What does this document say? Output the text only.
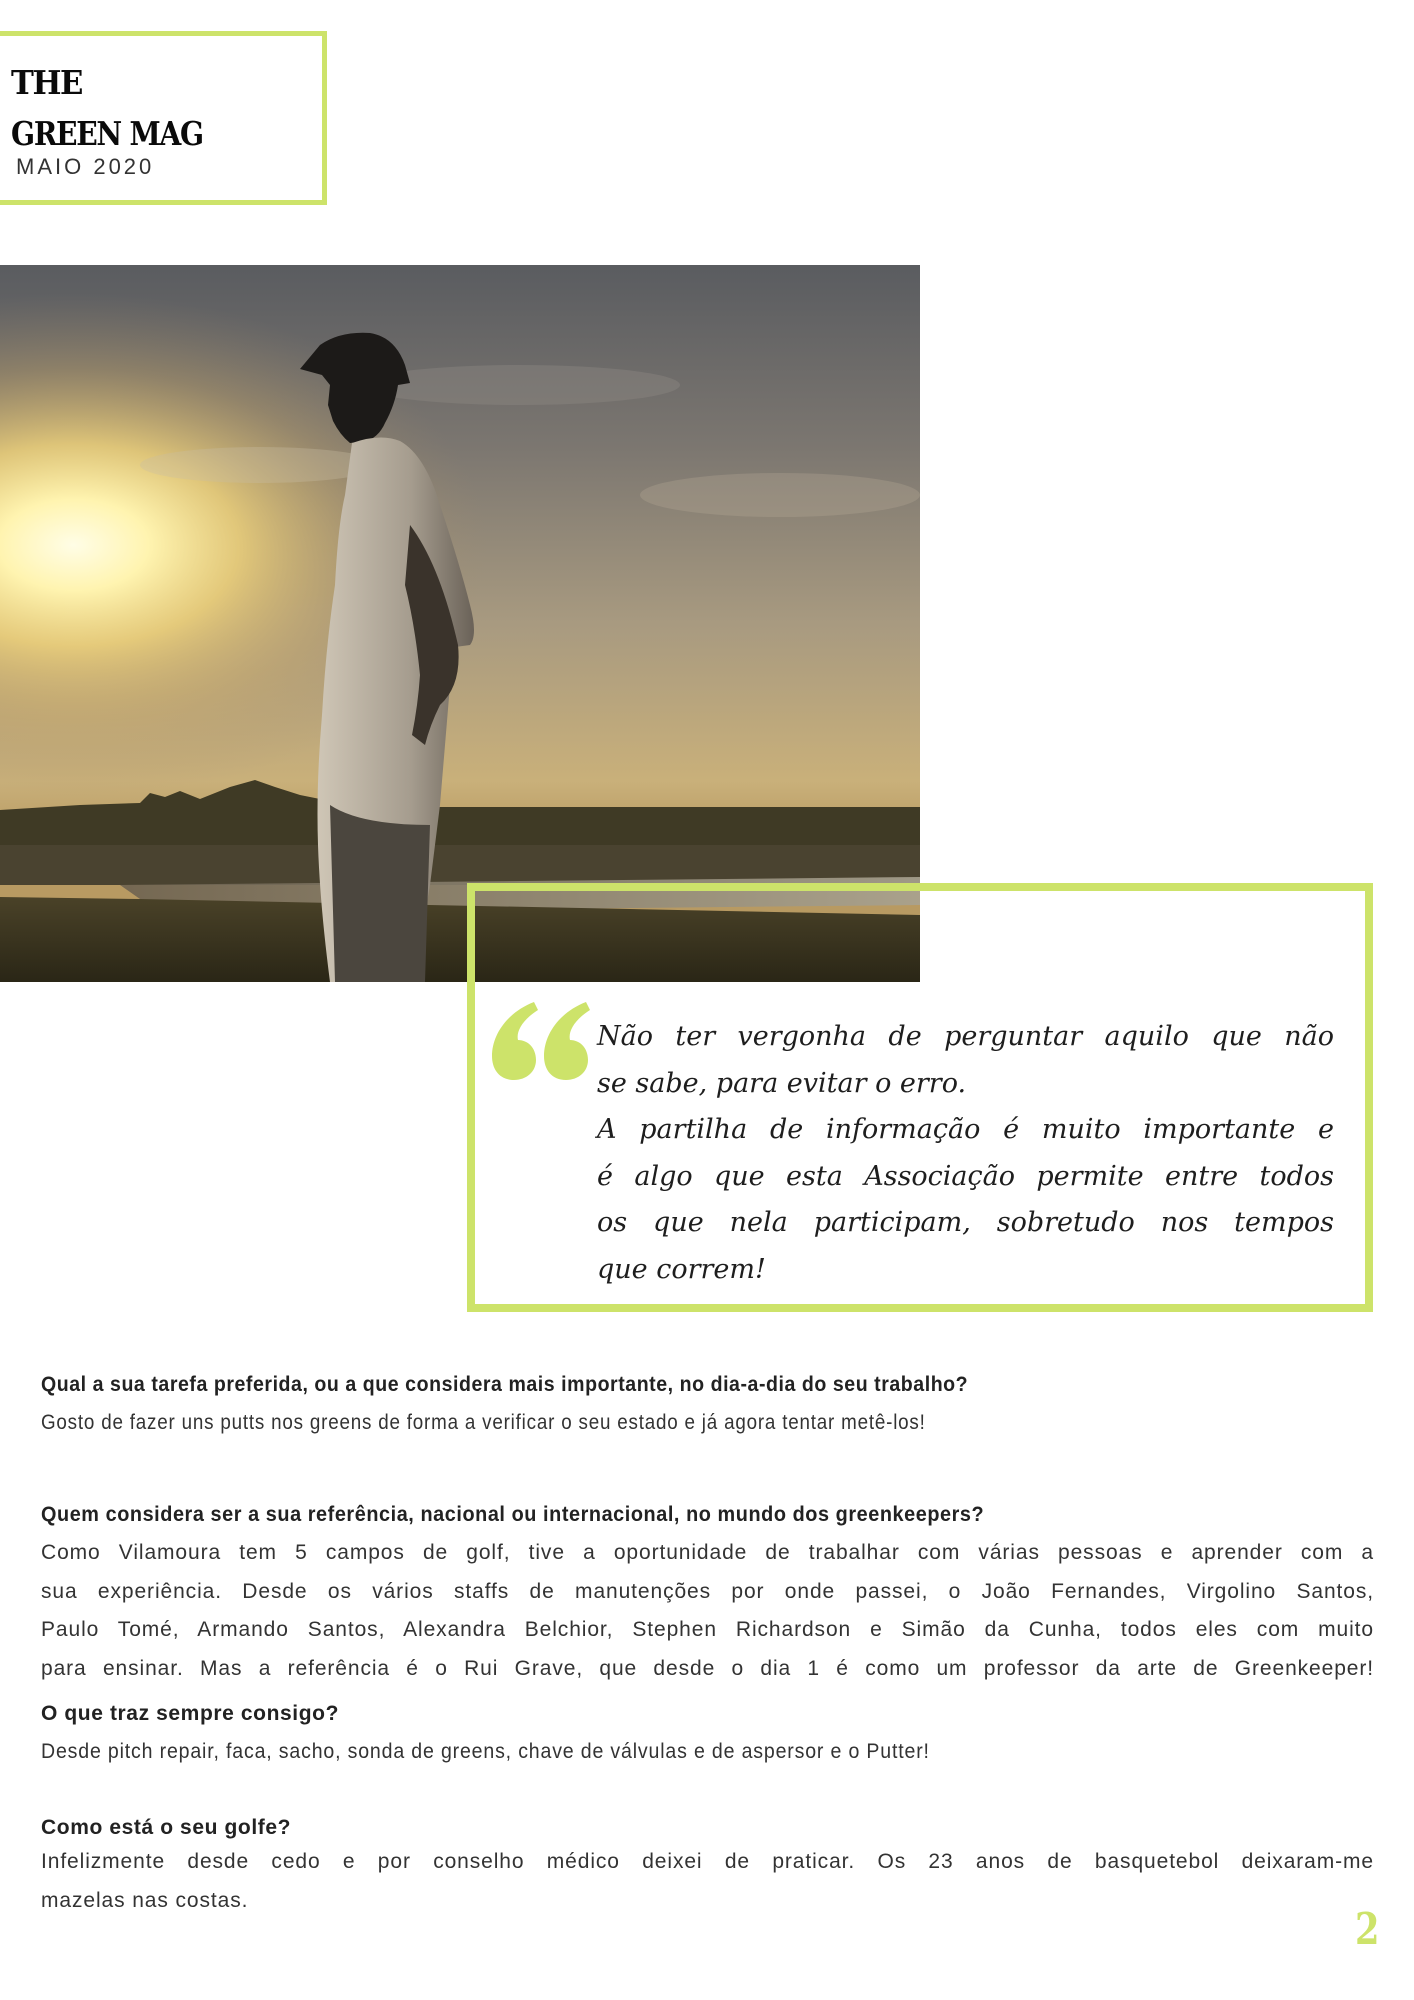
THE
GREEN MAG
MAIO 2020
Não ter vergonha de perguntar aquilo que não
se sabe, para evitar o erro.
A partilha de informação é muito importante e
é algo que esta Associação permite entre todos
os que nela participam, sobretudo nos tempos
que correm!
Qual a sua tarefa preferida, ou a que considera mais importante, no dia-a-dia do seu trabalho?
Gosto de fazer uns putts nos greens de forma a verificar o seu estado e já agora tentar metê-los!
Quem considera ser a sua referência, nacional ou internacional, no mundo dos greenkeepers?
Como Vilamoura tem 5 campos de golf, tive a oportunidade de trabalhar com várias pessoas e aprender com a
sua experiência. Desde os vários staffs de manutenções por onde passei, o João Fernandes, Virgolino Santos,
Paulo Tomé, Armando Santos, Alexandra Belchior, Stephen Richardson e Simão da Cunha, todos eles com muito
para ensinar. Mas a referência é o Rui Grave, que desde o dia 1 é como um professor da arte de Greenkeeper!
O que traz sempre consigo?
Desde pitch repair, faca, sacho, sonda de greens, chave de válvulas e de aspersor e o Putter!
Como está o seu golfe?
Infelizmente desde cedo e por conselho médico deixei de praticar. Os 23 anos de basquetebol deixaram-me
mazelas nas costas.
2
